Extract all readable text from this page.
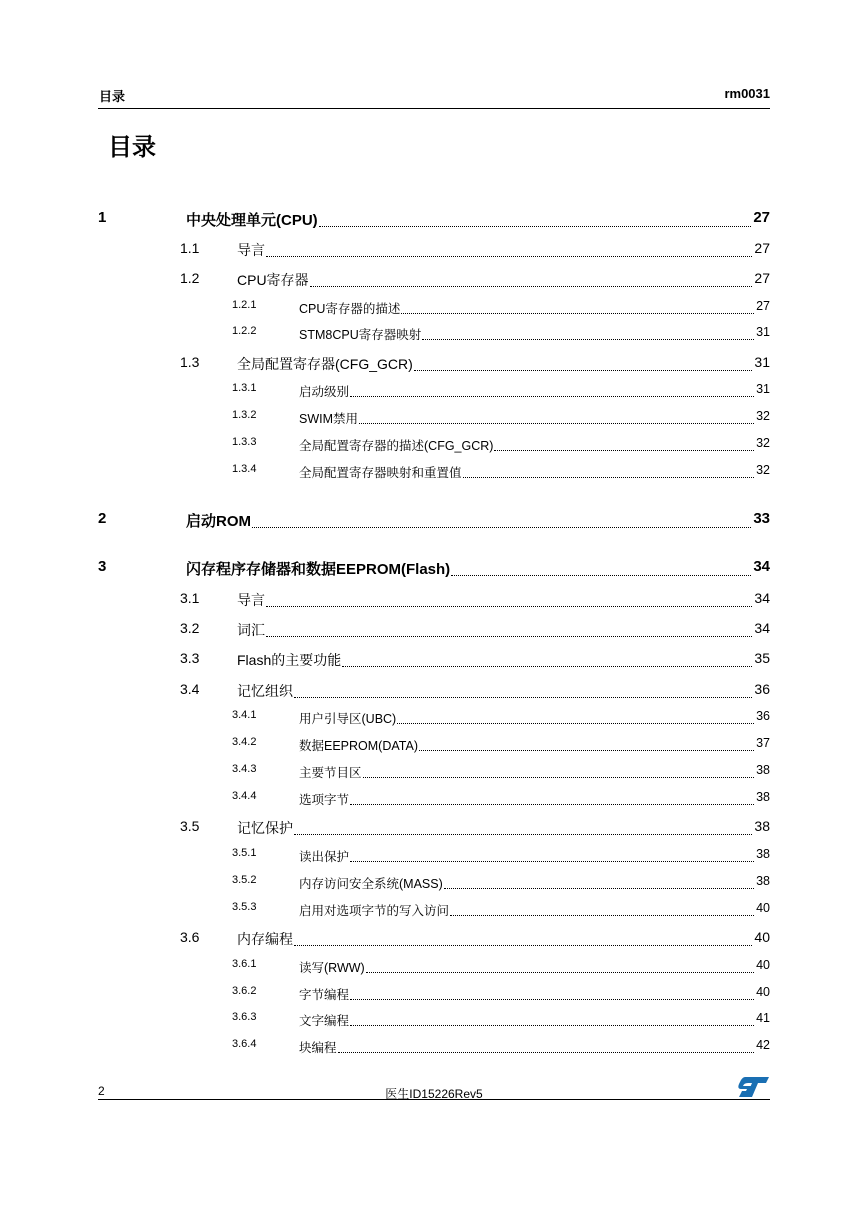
目录	rm0031
目录
1	中央处理单元(CPU)	27
1.1	导言	27
1.2	CPU寄存器	27
1.2.1	CPU寄存器的描述	27
1.2.2	STM8CPU寄存器映射	31
1.3	全局配置寄存器(CFG_GCR)	31
1.3.1	启动级别	31
1.3.2	SWIM禁用	32
1.3.3	全局配置寄存器的描述(CFG_GCR)	32
1.3.4	全局配置寄存器映射和重置值	32
2	启动ROM	33
3	闪存程序存储器和数据EEPROM(Flash)	34
3.1	导言	34
3.2	词汇	34
3.3	Flash的主要功能	35
3.4	记忆组织	36
3.4.1	用户引导区(UBC)	36
3.4.2	数据EEPROM(DATA)	37
3.4.3	主要节目区	38
3.4.4	选项字节	38
3.5	记忆保护	38
3.5.1	读出保护	38
3.5.2	内存访问安全系统(MASS)	38
3.5.3	启用对选项字节的写入访问	40
3.6	内存编程	40
3.6.1	读写(RWW)	40
3.6.2	字节编程	40
3.6.3	文字编程	41
3.6.4	块编程	42
2	医生ID15226Rev5
